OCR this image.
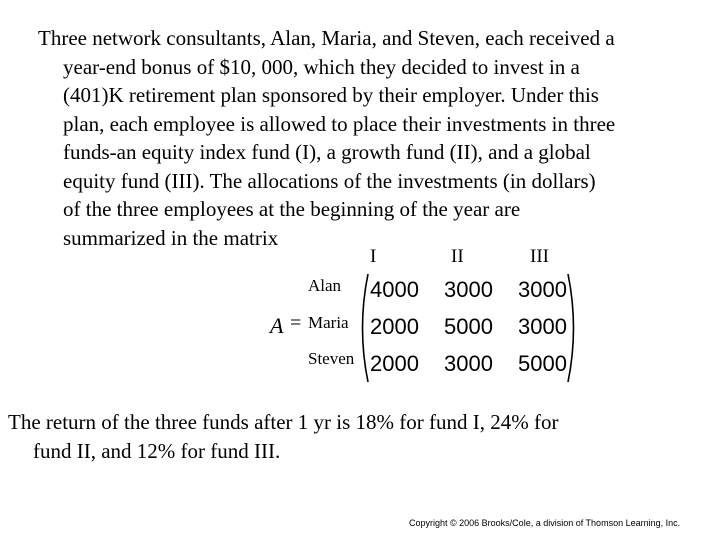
Three network consultants, Alan, Maria, and Steven, each received a
year-end bonus of $10, 000, which they decided to invest in a
(401)K retirement plan sponsored by their employer. Under this
plan, each employee is allowed to place their investments in three
funds-an equity index fund (I), a growth fund (II), and a global
equity fund (III). The allocations of the investments (in dollars)
of the three employees at the beginning of the year are
summarized in the matrix

I	II	III
Alan
Maria
Steven
A =
4000 3000 3000
2000 5000 3000
2000 3000 5000

The return of the three funds after 1 yr is 18% for fund I, 24% for
fund II, and 12% for fund III.

Copyright © 2006 Brooks/Cole, a division of Thomson Learning, Inc.
